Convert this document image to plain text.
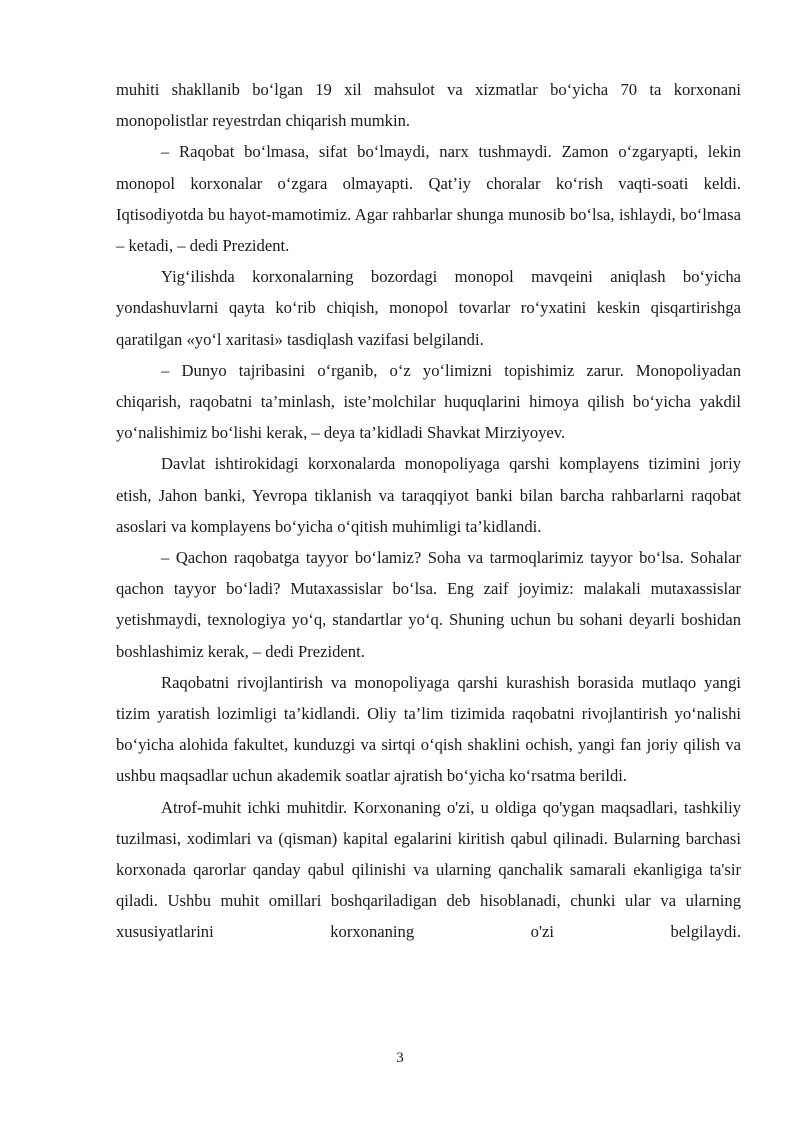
muhiti shakllanib bo‘lgan 19 xil mahsulot va xizmatlar bo‘yicha 70 ta korxonani monopolistlar reyestrdan chiqarish mumkin.

– Raqobat bo‘lmasa, sifat bo‘lmaydi, narx tushmaydi. Zamon o‘zgaryapti, lekin monopol korxonalar o‘zgara olmayapti. Qat’iy choralar ko‘rish vaqti-soati keldi. Iqtisodiyotda bu hayot-mamotimiz. Agar rahbarlar shunga munosib bo‘lsa, ishlaydi, bo‘lmasa – ketadi, – dedi Prezident.

Yig‘ilishda korxonalarning bozordagi monopol mavqeini aniqlash bo‘yicha yondashuvlarni qayta ko‘rib chiqish, monopol tovarlar ro‘yxatini keskin qisqartirishga qaratilgan «yo‘l xaritasi» tasdiqlash vazifasi belgilandi.

– Dunyo tajribasini o‘rganib, o‘z yo‘limizni topishimiz zarur. Monopoliyadan chiqarish, raqobatni ta’minlash, iste’molchilar huquqlarini himoya qilish bo‘yicha yakdil yo‘nalishimiz bo‘lishi kerak, – deya ta’kidladi Shavkat Mirziyoyev.

Davlat ishtirokidagi korxonalarda monopoliyaga qarshi komplayens tizimini joriy etish, Jahon banki, Yevropa tiklanish va taraqqiyot banki bilan barcha rahbarlarni raqobat asoslari va komplayens bo‘yicha o‘qitish muhimligi ta’kidlandi.

– Qachon raqobatga tayyor bo‘lamiz? Soha va tarmoqlarimiz tayyor bo‘lsa. Sohalar qachon tayyor bo‘ladi? Mutaxassislar bo‘lsa. Eng zaif joyimiz: malakali mutaxassislar yetishmaydi, texnologiya yo‘q, standartlar yo‘q. Shuning uchun bu sohani deyarli boshidan boshlashimiz kerak, – dedi Prezident.

Raqobatni rivojlantirish va monopoliyaga qarshi kurashish borasida mutlaqo yangi tizim yaratish lozimligi ta’kidlandi. Oliy ta’lim tizimida raqobatni rivojlantirish yo‘nalishi bo‘yicha alohida fakultet, kunduzgi va sirtqi o‘qish shaklini ochish, yangi fan joriy qilish va ushbu maqsadlar uchun akademik soatlar ajratish bo‘yicha ko‘rsatma berildi.

Atrof-muhit ichki muhitdir. Korxonaning o'zi, u oldiga qo'ygan maqsadlari, tashkiliy tuzilmasi, xodimlari va (qisman) kapital egalarini kiritish qabul qilinadi. Bularning barchasi korxonada qarorlar qanday qabul qilinishi va ularning qanchalik samarali ekanligiga ta'sir qiladi. Ushbu muhit omillari boshqariladigan deb hisoblanadi, chunki ular va ularning xususiyatlarini korxonaning o'zi belgilaydi.

3
